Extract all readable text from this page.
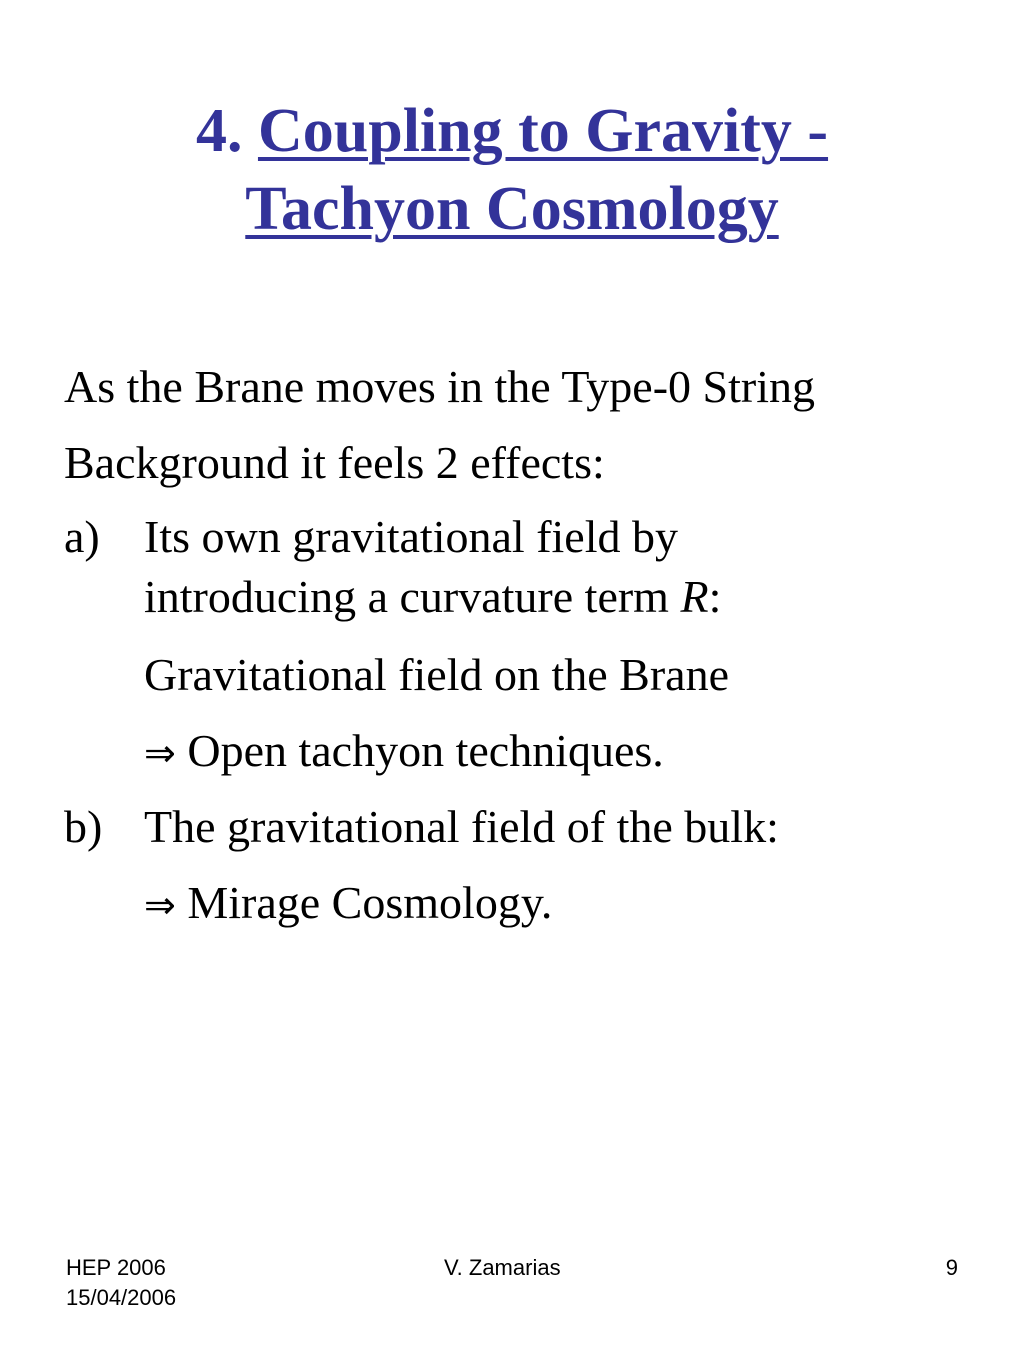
4. Coupling to Gravity -
Tachyon Cosmology
As the Brane moves in the Type-0 String
Background it feels 2 effects:
a) Its own gravitational field by
introducing a curvature term R:
Gravitational field on the Brane
⇒ Open tachyon techniques.
b) The gravitational field of the bulk:
⇒ Mirage Cosmology.
HEP 2006
15/04/2006
V. Zamarias	9
